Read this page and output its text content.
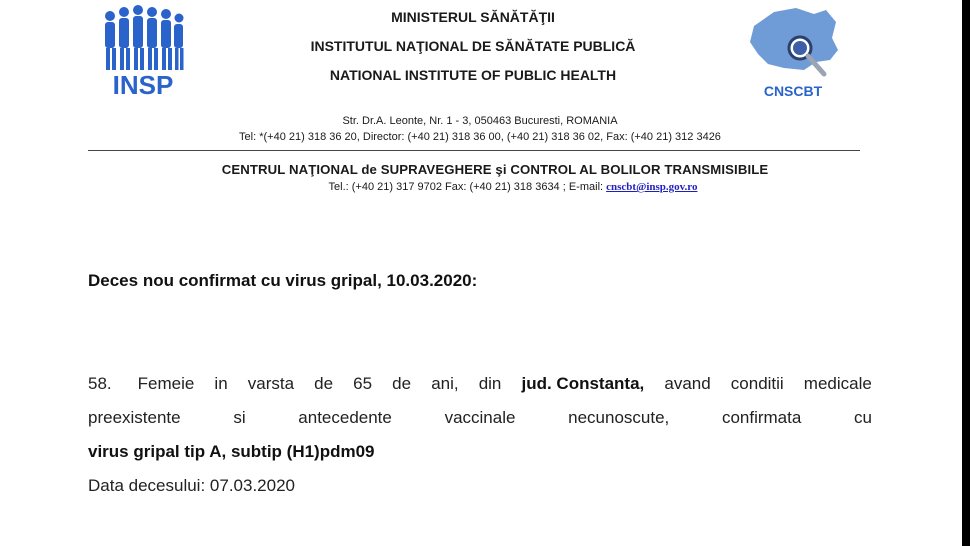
INSP
MINISTERUL SĂNĂTĂŢII
INSTITUTUL NAŢIONAL DE SĂNĂTATE PUBLICĂ
NATIONAL INSTITUTE OF PUBLIC HEALTH
CNSCBT
Str. Dr.A. Leonte, Nr. 1 - 3, 050463 Bucuresti, ROMANIA
Tel: *(+40 21) 318 36 20, Director: (+40 21) 318 36 00, (+40 21) 318 36 02, Fax: (+40 21) 312 3426
CENTRUL NAŢIONAL de SUPRAVEGHERE şi CONTROL AL BOLILOR TRANSMISIBILE
Tel.: (+40 21) 317 9702 Fax: (+40 21) 318 3634 ; E-mail: cnscbt@insp.gov.ro
Deces nou confirmat cu virus gripal, 10.03.2020:
58. Femeie in varsta de 65 de ani, din jud. Constanta, avand conditii medicale
preexistente	si	antecedente	vaccinale	necunoscute,	confirmata	cu
virus gripal tip A, subtip (H1)pdm09
Data decesului: 07.03.2020
